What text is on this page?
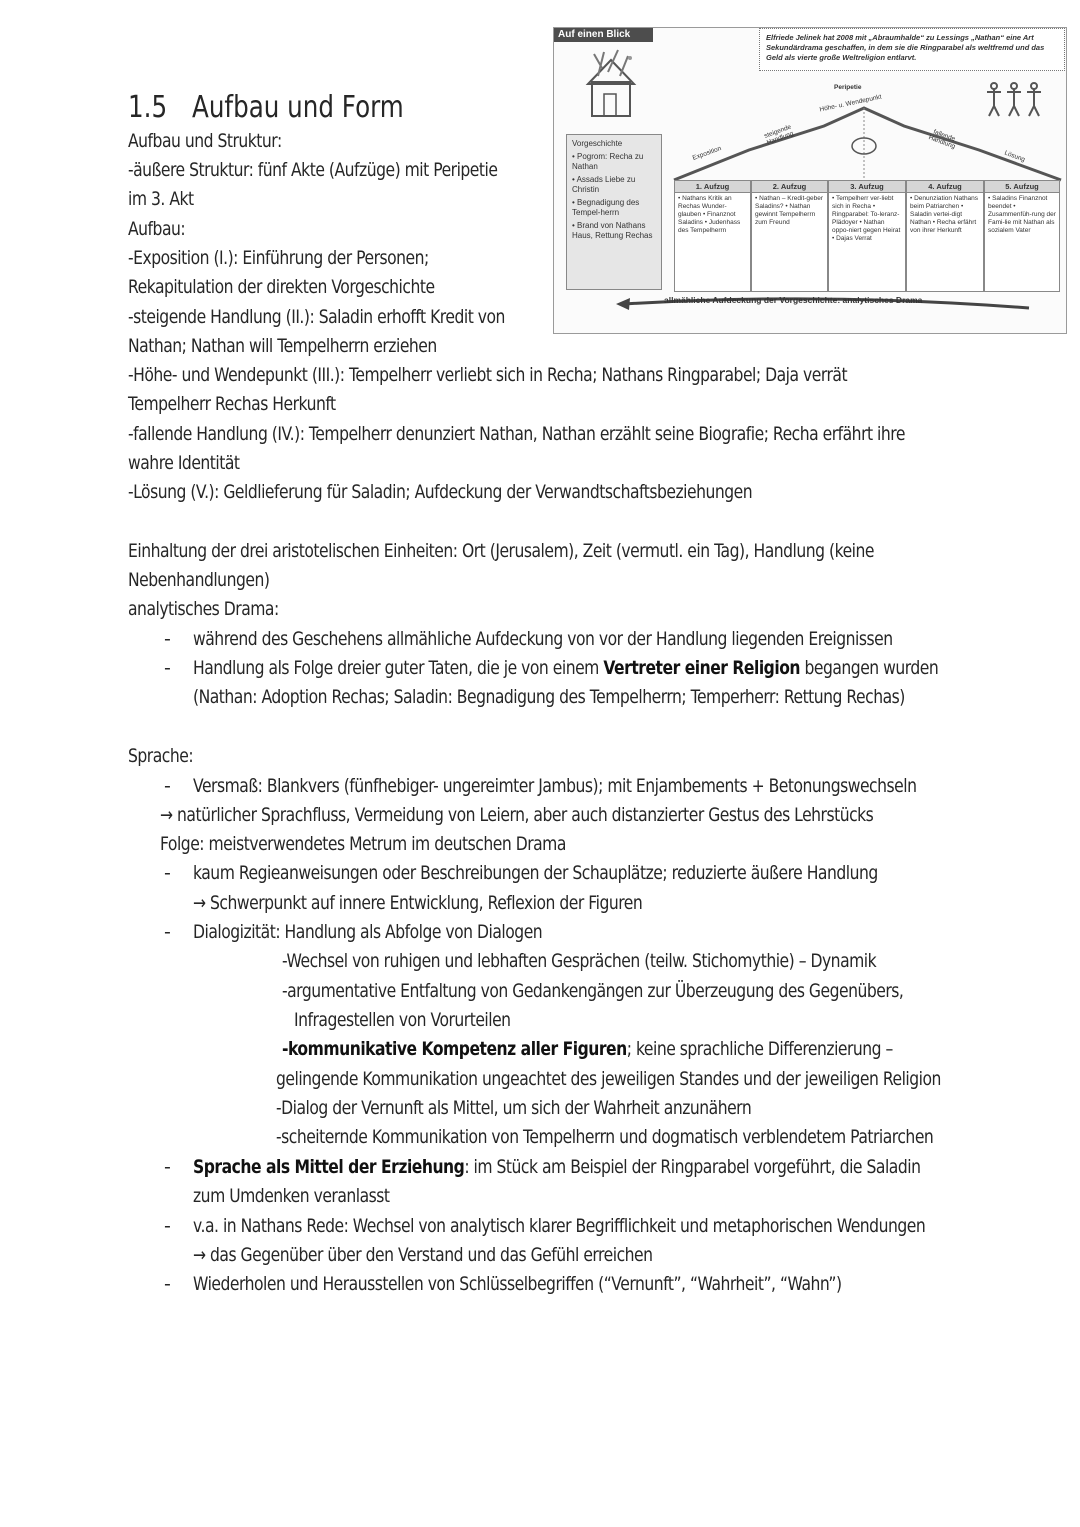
Auf einen Blick	Elfriede Jelinek hat 2008 mit „Abraumhalde“ zu Lessings „Nathan“ eine Art Sekundärdrama geschaffen, in dem sie die Ringparabel als weltfremd und das Geld als vierte große Weltreligion entlarvt.
Peripetie
Höhe- u. Wendepunkt
steigende Handlung	fallende Handlung
Exposition	Lösung
Vorgeschichte
• Pogrom: Recha zu Nathan
• Assads Liebe zu Christin
• Begnadigung des Tempel-herrn
• Brand von Nathans Haus, Rettung Rechas
1. Aufzug
• Nathans Kritik an Rechas Wunder-glauben • Finanznot Saladins • Judenhass des Tempelherrn
2. Aufzug
• Nathan – Kredit-geber Saladins? • Nathan gewinnt Tempelherrn zum Freund
3. Aufzug
• Tempelherr ver-liebt sich in Recha • Ringparabel: To-leranz-Plädoyer • Nathan oppo-niert gegen Heirat • Dajas Verrat
4. Aufzug
• Denunziation Nathans beim Patriarchen • Saladin vertei-digt Nathan • Recha erfährt von ihrer Herkunft
5. Aufzug
• Saladins Finanznot beendet • Zusammenfüh-rung der Fami-lie mit Nathan als sozialem Vater
allmähliche Aufdeckung der Vorgeschichte: analytisches Drama
1.5 Aufbau und Form
Aufbau und Struktur:
-äußere Struktur: fünf Akte (Aufzüge) mit Peripetie
im 3. Akt
Aufbau:
-Exposition (I.): Einführung der Personen;
Rekapitulation der direkten Vorgeschichte
-steigende Handlung (II.): Saladin erhofft Kredit von
Nathan; Nathan will Tempelherrn erziehen
-Höhe- und Wendepunkt (III.): Tempelherr verliebt sich in Recha; Nathans Ringparabel; Daja verrät
Tempelherr Rechas Herkunft
-fallende Handlung (IV.): Tempelherr denunziert Nathan, Nathan erzählt seine Biografie; Recha erfährt ihre
wahre Identität
-Lösung (V.): Geldlieferung für Saladin; Aufdeckung der Verwandtschaftsbeziehungen
Einhaltung der drei aristotelischen Einheiten: Ort (Jerusalem), Zeit (vermutl. ein Tag), Handlung (keine
Nebenhandlungen)
analytisches Drama:
- während des Geschehens allmähliche Aufdeckung von vor der Handlung liegenden Ereignissen
- Handlung als Folge dreier guter Taten, die je von einem Vertreter einer Religion begangen wurden
(Nathan: Adoption Rechas; Saladin: Begnadigung des Tempelherrn; Temperherr: Rettung Rechas)
Sprache:
- Versmaß: Blankvers (fünfhebiger- ungereimter Jambus); mit Enjambements + Betonungswechseln
→ natürlicher Sprachfluss, Vermeidung von Leiern, aber auch distanzierter Gestus des Lehrstücks
Folge: meistverwendetes Metrum im deutschen Drama
- kaum Regieanweisungen oder Beschreibungen der Schauplätze; reduzierte äußere Handlung
→ Schwerpunkt auf innere Entwicklung, Reflexion der Figuren
- Dialogizität: Handlung als Abfolge von Dialogen
-Wechsel von ruhigen und lebhaften Gesprächen (teilw. Stichomythie) – Dynamik
-argumentative Entfaltung von Gedankengängen zur Überzeugung des Gegenübers,
Infragestellen von Vorurteilen
-kommunikative Kompetenz aller Figuren; keine sprachliche Differenzierung –
gelingende Kommunikation ungeachtet des jeweiligen Standes und der jeweiligen Religion
-Dialog der Vernunft als Mittel, um sich der Wahrheit anzunähern
-scheiternde Kommunikation von Tempelherrn und dogmatisch verblendetem Patriarchen
- Sprache als Mittel der Erziehung: im Stück am Beispiel der Ringparabel vorgeführt, die Saladin
zum Umdenken veranlasst
- v.a. in Nathans Rede: Wechsel von analytisch klarer Begrifflichkeit und metaphorischen Wendungen
→ das Gegenüber über den Verstand und das Gefühl erreichen
- Wiederholen und Herausstellen von Schlüsselbegriffen (“Vernunft”, “Wahrheit”, “Wahn”)
